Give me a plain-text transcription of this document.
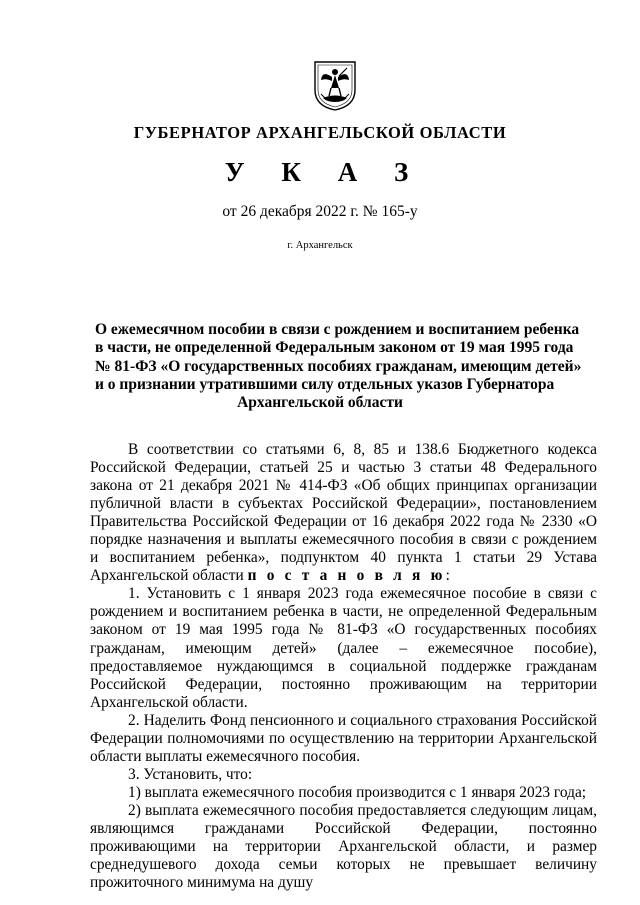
ГУБЕРНАТОР АРХАНГЕЛЬСКОЙ ОБЛАСТИ
У К А З
от 26 декабря 2022 г. № 165-у
г. Архангельск
О ежемесячном пособии в связи с рождением и воспитанием ребенка
в части, не определенной Федеральным законом от 19 мая 1995 года
№ 81-ФЗ «О государственных пособиях гражданам, имеющим детей»
и о признании утратившими силу отдельных указов Губернатора
Архангельской области

В соответствии со статьями 6, 8, 85 и 138.6 Бюджетного кодекса Российской Федерации, статьей 25 и частью 3 статьи 48 Федерального закона от 21 декабря 2021 № 414-ФЗ «Об общих принципах организации публичной власти в субъектах Российской Федерации», постановлением Правительства Российской Федерации от 16 декабря 2022 года № 2330 «О порядке назначения и выплаты ежемесячного пособия в связи с рождением и воспитанием ребенка», подпунктом 40 пункта 1 статьи 29 Устава Архангельской области п о с т а н о в л я ю:

1. Установить с 1 января 2023 года ежемесячное пособие в связи с рождением и воспитанием ребенка в части, не определенной Федеральным законом от 19 мая 1995 года № 81-ФЗ «О государственных пособиях гражданам, имеющим детей» (далее – ежемесячное пособие), предоставляемое нуждающимся в социальной поддержке гражданам Российской Федерации, постоянно проживающим на территории Архангельской области.

2. Наделить Фонд пенсионного и социального страхования Российской Федерации полномочиями по осуществлению на территории Архангельской области выплаты ежемесячного пособия.

3. Установить, что:

1) выплата ежемесячного пособия производится с 1 января 2023 года;

2) выплата ежемесячного пособия предоставляется следующим лицам, являющимся гражданами Российской Федерации, постоянно проживающими на территории Архангельской области, и размер среднедушевого дохода семьи которых не превышает величину прожиточного минимума на душу
